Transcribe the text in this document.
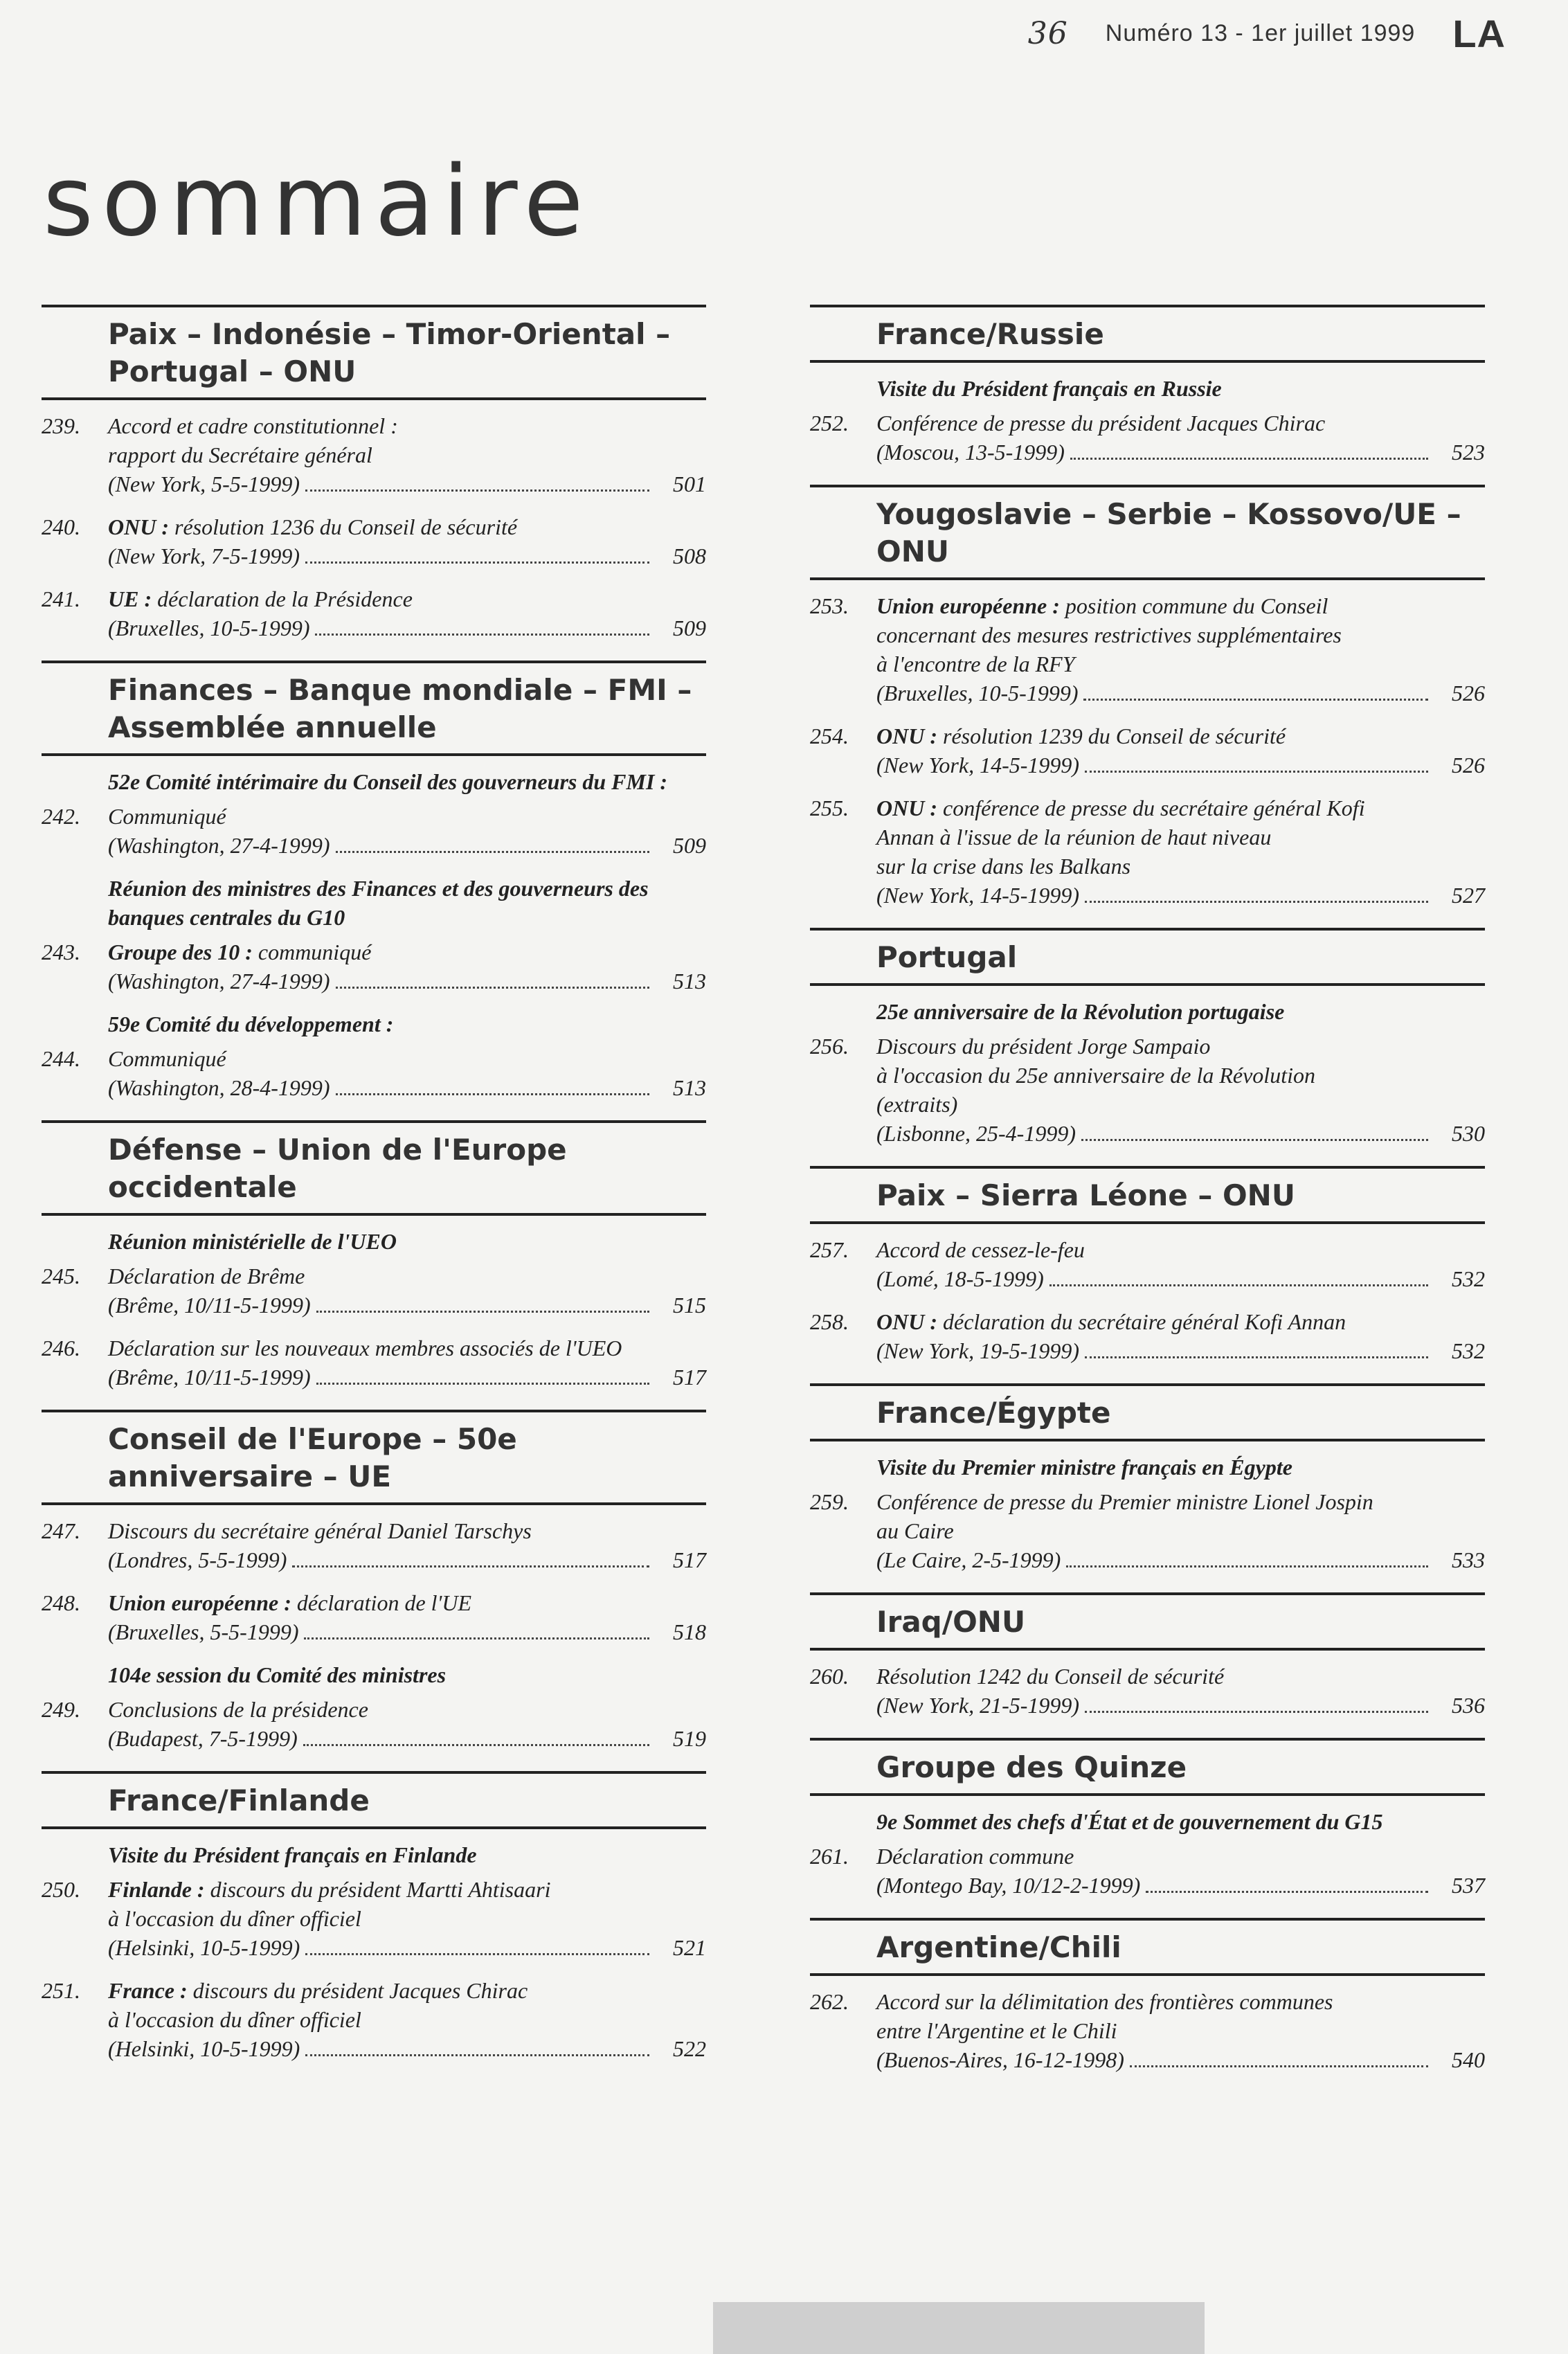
36 Numéro 13 - 1er juillet 1999 LA
sommaire
Paix – Indonésie – Timor-Oriental – Portugal – ONU
239.	Accord et cadre constitutionnel :
rapport du Secrétaire général
(New York, 5-5-1999)	501
240.	ONU : résolution 1236 du Conseil de sécurité
(New York, 7-5-1999)	508
241.	UE : déclaration de la Présidence
(Bruxelles, 10-5-1999)	509
Finances – Banque mondiale – FMI – Assemblée annuelle
52e Comité intérimaire du Conseil des gouverneurs du FMI :
242.	Communiqué
(Washington, 27-4-1999)	509
Réunion des ministres des Finances et des gouverneurs des banques centrales du G10
243.	Groupe des 10 : communiqué
(Washington, 27-4-1999)	513
59e Comité du développement :
244.	Communiqué
(Washington, 28-4-1999)	513
Défense – Union de l'Europe occidentale
Réunion ministérielle de l'UEO
245.	Déclaration de Brême
(Brême, 10/11-5-1999)	515
246.	Déclaration sur les nouveaux membres associés de l'UEO
(Brême, 10/11-5-1999)	517
Conseil de l'Europe – 50e anniversaire – UE
247.	Discours du secrétaire général Daniel Tarschys
(Londres, 5-5-1999)	517
248.	Union européenne : déclaration de l'UE
(Bruxelles, 5-5-1999)	518
104e session du Comité des ministres
249.	Conclusions de la présidence
(Budapest, 7-5-1999)	519
France/Finlande
Visite du Président français en Finlande
250.	Finlande : discours du président Martti Ahtisaari
à l'occasion du dîner officiel
(Helsinki, 10-5-1999)	521
251.	France : discours du président Jacques Chirac
à l'occasion du dîner officiel
(Helsinki, 10-5-1999)	522
France/Russie
Visite du Président français en Russie
252.	Conférence de presse du président Jacques Chirac
(Moscou, 13-5-1999)	523
Yougoslavie – Serbie – Kossovo/UE – ONU
253.	Union européenne : position commune du Conseil
concernant des mesures restrictives supplémentaires
à l'encontre de la RFY
(Bruxelles, 10-5-1999)	526
254.	ONU : résolution 1239 du Conseil de sécurité
(New York, 14-5-1999)	526
255.	ONU : conférence de presse du secrétaire général Kofi
Annan à l'issue de la réunion de haut niveau
sur la crise dans les Balkans
(New York, 14-5-1999)	527
Portugal
25e anniversaire de la Révolution portugaise
256.	Discours du président Jorge Sampaio
à l'occasion du 25e anniversaire de la Révolution
(extraits)
(Lisbonne, 25-4-1999)	530
Paix – Sierra Léone – ONU
257.	Accord de cessez-le-feu
(Lomé, 18-5-1999)	532
258.	ONU : déclaration du secrétaire général Kofi Annan
(New York, 19-5-1999)	532
France/Égypte
Visite du Premier ministre français en Égypte
259.	Conférence de presse du Premier ministre Lionel Jospin
au Caire
(Le Caire, 2-5-1999)	533
Iraq/ONU
260.	Résolution 1242 du Conseil de sécurité
(New York, 21-5-1999)	536
Groupe des Quinze
9e Sommet des chefs d'État et de gouvernement du G15
261.	Déclaration commune
(Montego Bay, 10/12-2-1999)	537
Argentine/Chili
262.	Accord sur la délimitation des frontières communes
entre l'Argentine et le Chili
(Buenos-Aires, 16-12-1998)	540
